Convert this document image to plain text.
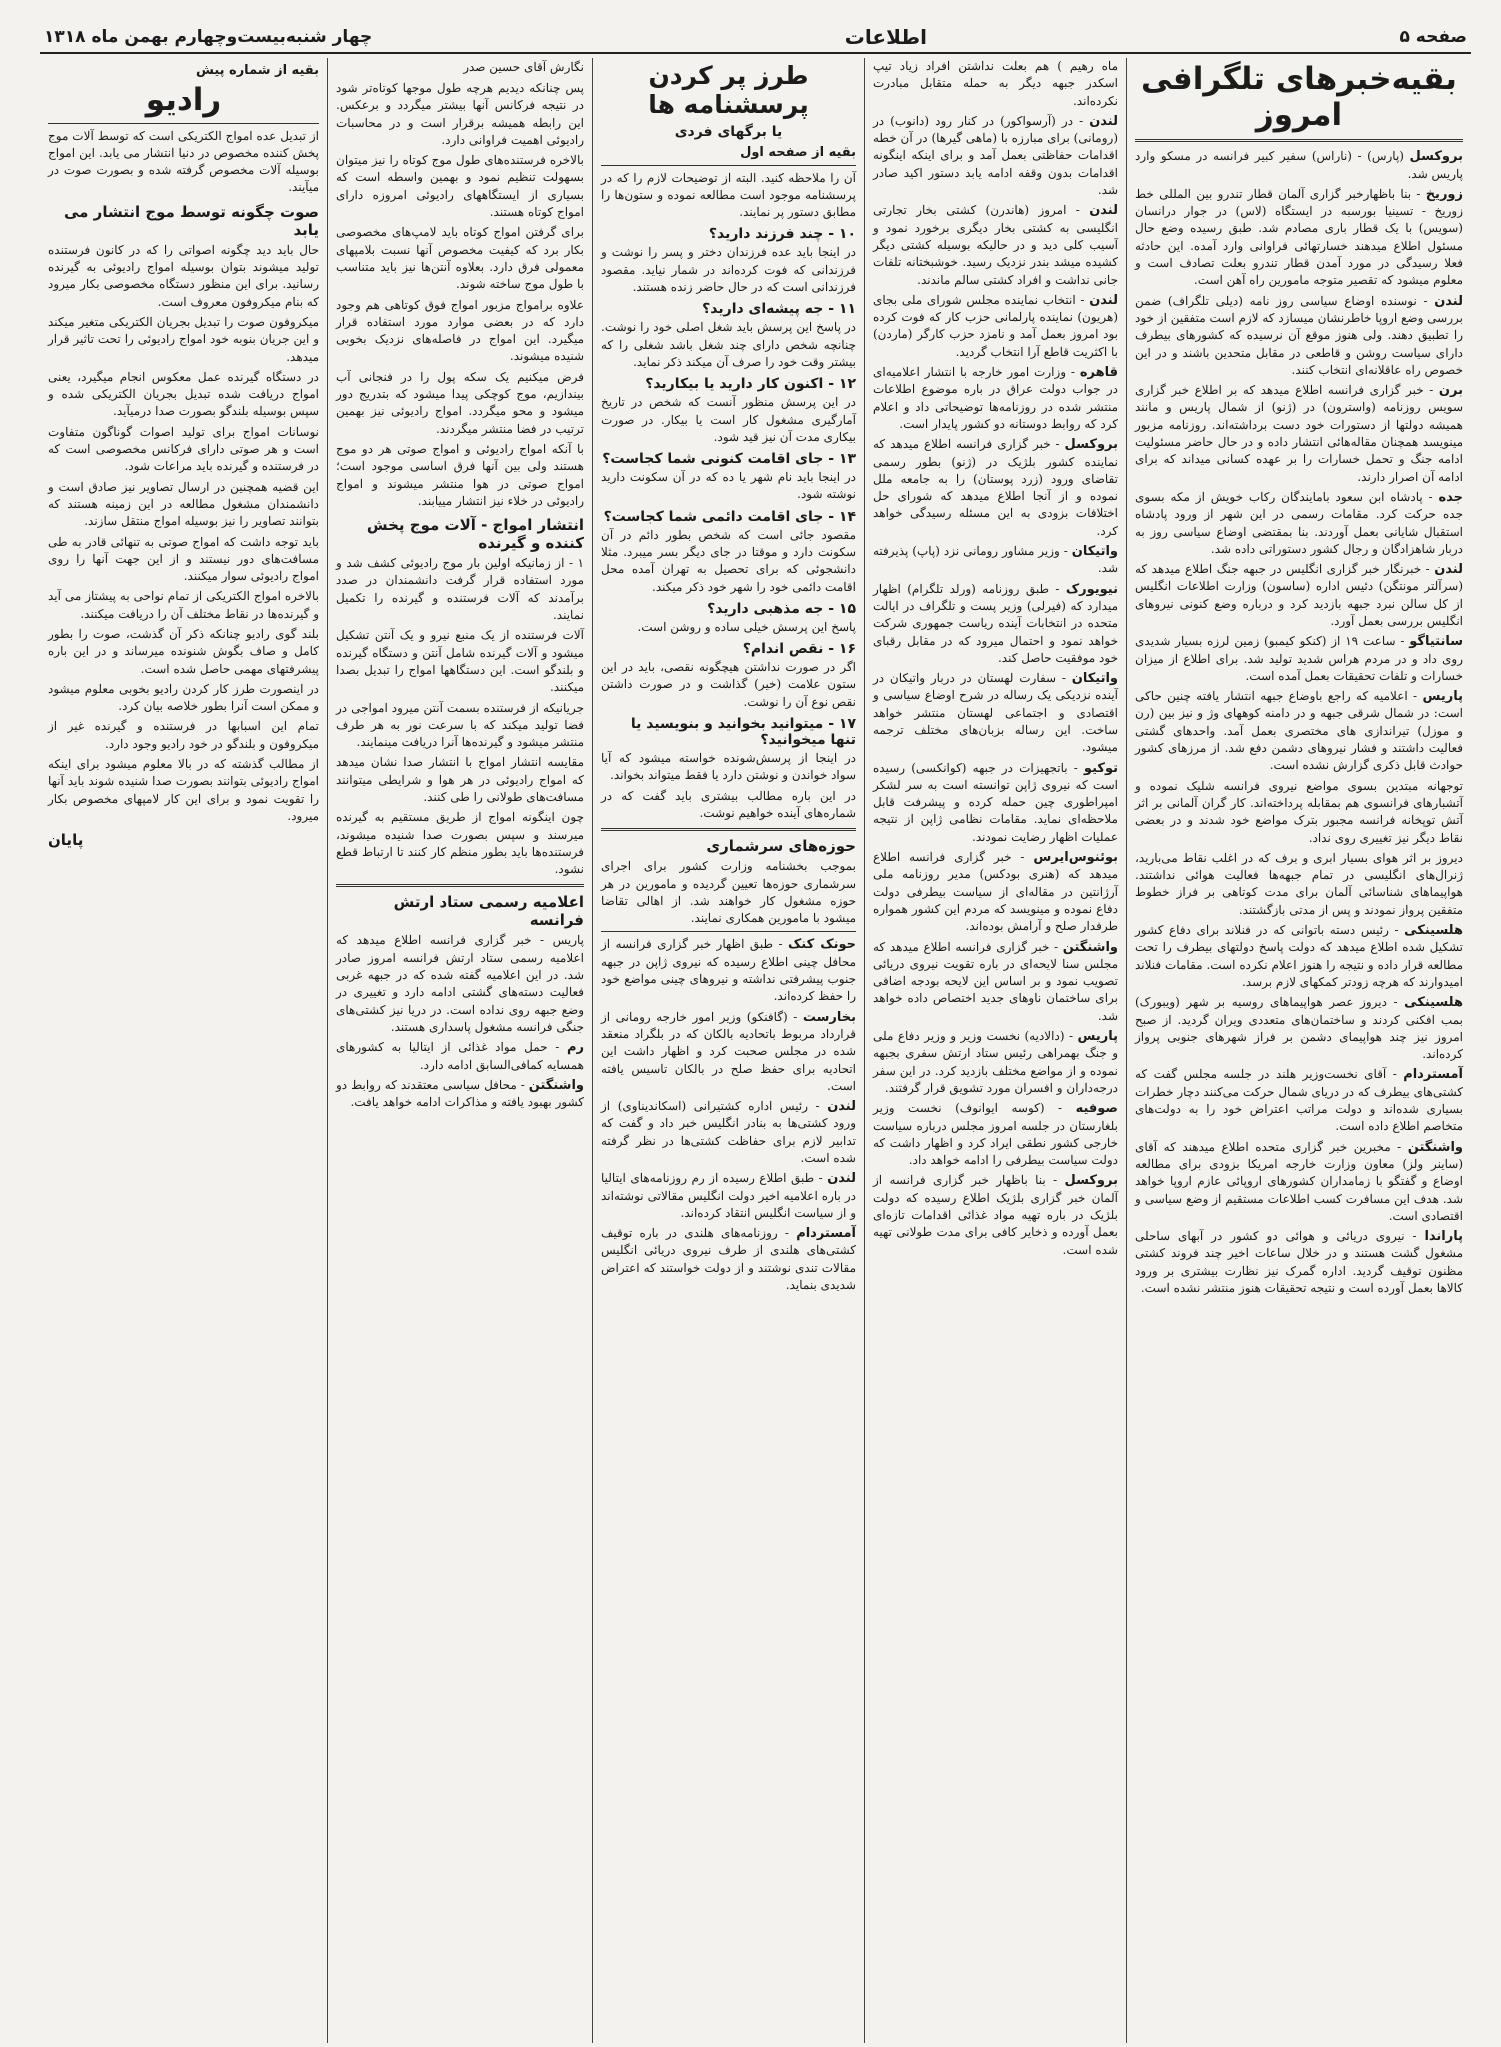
صفحه ۵
اطلاعات
چهار شنبه‌بیست‌وچهارم بهمن ماه ۱۳۱۸
بقیه‌خبرهای تلگرافی امروز

بروکسل (پارس) - (ناراس) سفیر کبیر فرانسه در مسکو وارد پاریس شد.

زوریخ - بنا باظهارخبر گزاری آلمان قطار تندرو بین المللی خط زوریخ - تسینیا بورسبه در ایستگاه (لاس) در جوار درانسان (سویس) با یک قطار باری مصادم شد. طبق رسیده وضع حال مسئول اطلاع میدهند خسارتهائی فراوانی وارد آمده. این حادثه فعلا رسیدگی در مورد آمدن قطار تندرو بعلت تصادف است و معلوم میشود که تقصیر متوجه مامورین راه آهن است.

لندن - نوسنده اوضاع سیاسی روز نامه (دیلی تلگراف) ضمن بررسی وضع اروپا خاطرنشان میسازد که لازم است متفقین از خود را تطبیق دهند. ولی هنوز موقع آن نرسیده که کشورهای بیطرف دارای سیاست روشن و قاطعی در مقابل متحدین باشند و در این خصوص راه عاقلانه‌ای انتخاب کنند.

برن - خبر گزاری فرانسه اطلاع میدهد که بر اطلاع خبر گزاری سویس روزنامه (واسترون) در (ژنو) از شمال پاریس و مانند همیشه دولتها از دستورات خود دست برداشته‌اند. روزنامه مزبور مینویسد همچنان مقاله‌هائی انتشار داده و در حال حاضر مسئولیت ادامه جنگ و تحمل خسارات را بر عهده کسانی میداند که برای ادامه آن اصرار دارند.

جده - پادشاه ابن سعود بامایندگان رکاب خویش از مکه بسوی جده حرکت کرد. مقامات رسمی در این شهر از ورود پادشاه استقبال شایانی بعمل آوردند. بنا بمقتضی اوضاع سیاسی روز به دربار شاهزادگان و رجال کشور دستوراتی داده شد.

لندن - خبرنگار خبر گزاری انگلیس در جبهه جنگ اطلاع میدهد که (سرآلتر مونتگن) دئیس اداره (ساسون) وزارت اطلاعات انگلیس از کل سالن نبرد جبهه بازدید کرد و درباره وضع کنونی نیروهای انگلیس بررسی بعمل آورد.

سانتیاگو - ساعت ۱۹ از (کنکو کیمبو) زمین لرزه بسیار شدیدی روی داد و در مردم هراس شدید تولید شد. برای اطلاع از میزان خسارات و تلفات تحقیقات بعمل آمده است.

پاریس - اعلامیه که راجع باوضاع جبهه انتشار یافته چنین حاکی است: در شمال شرقی جبهه و در دامنه کوههای وژ و نیز بین (رن و موزل) تیراندازی های مختصری بعمل آمد. واحدهای گشتی فعالیت داشتند و فشار نیروهای دشمن دفع شد. از مرزهای کشور حوادث قابل ذکری گزارش نشده است.

توجهانه مبتدین بسوی مواضع نیروی فرانسه شلیک نموده و آتشبارهای فرانسوی هم بمقابله پرداخته‌اند. کار گران آلمانی بر اثر آتش توپخانه فرانسه مجبور بترک مواضع خود شدند و در بعضی نقاط دیگر نیز تغییری روی نداد.

دیروز بر اثر هوای بسیار ابری و برف که در اغلب نقاط می‌بارید، ژنرال‌های انگلیسی در تمام جبهه‌ها فعالیت هوائی نداشتند. هواپیماهای شناسائی آلمان برای مدت کوتاهی بر فراز خطوط متفقین پرواز نمودند و پس از مدتی بازگشتند.

هلسینکی - رئیس دسته باتوانی که در فنلاند برای دفاع کشور تشکیل شده اطلاع میدهد که دولت پاسخ دولتهای بیطرف را تحت مطالعه قرار داده و نتیجه را هنوز اعلام نکرده است. مقامات فنلاند امیدوارند که هرچه زودتر کمکهای لازم برسد.

هلسینکی - دیروز عصر هواپیماهای روسیه بر شهر (ویبورک) بمب افکنی کردند و ساختمان‌های متعددی ویران گردید. از صبح امروز نیز چند هواپیمای دشمن بر فراز شهرهای جنوبی پرواز کرده‌اند.

آمستردام - آقای نخست‌وزیر هلند در جلسه مجلس گفت که کشتی‌های بیطرف که در دریای شمال حرکت می‌کنند دچار خطرات بسیاری شده‌اند و دولت مراتب اعتراض خود را به دولت‌های متخاصم اطلاع داده است.

واشنگتن - مخبرین خبر گزاری متحده اطلاع میدهند که آقای (ساینر ولز) معاون وزارت خارجه امریکا بزودی برای مطالعه اوضاع و گفتگو با زمامداران کشورهای اروپائی عازم اروپا خواهد شد. هدف این مسافرت کسب اطلاعات مستقیم از وضع سیاسی و اقتصادی است.

پاراندا - نیروی دریائی و هوائی دو کشور در آبهای ساحلی مشغول گشت هستند و در خلال ساعات اخیر چند فروند کشتی مظنون توقیف گردید. اداره گمرک نیز نظارت بیشتری بر ورود کالاها بعمل آورده است و نتیجه تحقیقات هنوز منتشر نشده است.

ماه رهیم ) هم بعلت نداشتن افراد زیاد تیپ اسکدر جبهه دیگر به حمله متقابل مبادرت نکرده‌اند.

لندن - در (آرسواکور) در کنار رود (دانوب) در (رومانی) برای مبارزه با (ماهی گیرها) در آن خطه اقدامات حفاظتی بعمل آمد و برای اینکه اینگونه اقدامات بدون وقفه ادامه یابد دستور اکید صادر شد.

لندن - امروز (هاندرن) کشتی بخار تجارتی انگلیسی به کشتی بخار دیگری برخورد نمود و آسیب کلی دید و در حالیکه بوسیله کشتی دیگر کشیده میشد بندر نزدیک رسید. خوشبختانه تلفات جانی نداشت و افراد کشتی سالم ماندند.

لندن - انتخاب نماینده مجلس شورای ملی بجای (هریون) نماینده پارلمانی حزب کار که فوت کرده بود امروز بعمل آمد و نامزد حزب کارگر (ماردن) با اکثریت قاطع آرا انتخاب گردید.

قاهره - وزارت امور خارجه با انتشار اعلامیه‌ای در جواب دولت عراق در باره موضوع اطلاعات منتشر شده در روزنامه‌ها توضیحاتی داد و اعلام کرد که روابط دوستانه دو کشور پایدار است.

بروکسل - خبر گزاری فرانسه اطلاع میدهد که نماینده کشور بلژیک در (ژنو) بطور رسمی تقاضای ورود (زرد پوستان) را به جامعه ملل نموده و از آنجا اطلاع میدهد که شورای حل اختلافات بزودی به این مسئله رسیدگی خواهد کرد.

واتیکان - وزیر مشاور رومانی نزد (پاپ) پذیرفته شد.

نیویورک - طبق روزنامه (ورلد تلگرام) اظهار میدارد که (فیرلی) وزیر پست و تلگراف در ایالت متحده در انتخابات آینده ریاست جمهوری شرکت خواهد نمود و احتمال میرود که در مقابل رقبای خود موفقیت حاصل کند.

واتیکان - سفارت لهستان در دربار واتیکان در آینده نزدیکی یک رساله در شرح اوضاع سیاسی و اقتصادی و اجتماعی لهستان منتشر خواهد ساخت. این رساله بزبان‌های مختلف ترجمه میشود.

توکیو - باتجهیزات در جبهه (کوانکسی) رسیده است که نیروی ژاپن توانسته است به سر لشکر امپراطوری چین حمله کرده و پیشرفت قابل ملاحظه‌ای نماید. مقامات نظامی ژاپن از نتیجه عملیات اظهار رضایت نمودند.

بوئنوس‌ایرس - خبر گزاری فرانسه اطلاع میدهد که (هنری بودکس) مدیر روزنامه ملی آرژانتین در مقاله‌ای از سیاست بیطرفی دولت دفاع نموده و مینویسد که مردم این کشور همواره طرفدار صلح و آرامش بوده‌اند.

واشنگتن - خبر گزاری فرانسه اطلاع میدهد که مجلس سنا لایحه‌ای در باره تقویت نیروی دریائی تصویب نمود و بر اساس این لایحه بودجه اضافی برای ساختمان ناوهای جدید اختصاص داده خواهد شد.

پاریس - (دالادیه) نخست وزیر و وزیر دفاع ملی و جنگ بهمراهی رئیس ستاد ارتش سفری بجبهه نموده و از مواضع مختلف بازدید کرد. در این سفر درجه‌داران و افسران مورد تشویق قرار گرفتند.

صوفیه - (کوسه ایوانوف) نخست وزیر بلغارستان در جلسه امروز مجلس درباره سیاست خارجی کشور نطقی ایراد کرد و اظهار داشت که دولت سیاست بیطرفی را ادامه خواهد داد.

بروکسل - بنا باظهار خبر گزاری فرانسه از آلمان خبر گزاری بلژیک اطلاع رسیده که دولت بلژیک در باره تهیه مواد غذائی اقدامات تازه‌ای بعمل آورده و ذخایر کافی برای مدت طولانی تهیه شده است.

طرز پر کردن پرسشنامه ها
یا برگهای فردی
بقیه از صفحه اول

آن را ملاحظه کنید. البته از توضیحات لازم را که در پرسشنامه موجود است مطالعه نموده و ستون‌ها را مطابق دستور پر نمایند.

۱۰ - چند فرزند دارید؟

در اینجا باید عده فرزندان دختر و پسر را نوشت و فرزندانی که فوت کرده‌اند در شمار نیاید. مقصود فرزندانی است که در حال حاضر زنده هستند.

۱۱ - جه پیشه‌ای دارید؟

در پاسخ این پرسش باید شغل اصلی خود را نوشت. چنانچه شخص دارای چند شغل باشد شغلی را که بیشتر وقت خود را صرف آن میکند ذکر نماید.

۱۲ - اکنون کار دارید یا بیکارید؟

در این پرسش منظور آنست که شخص در تاریخ آمارگیری مشغول کار است یا بیکار. در صورت بیکاری مدت آن نیز قید شود.

۱۳ - جای اقامت کنونی شما کجاست؟

در اینجا باید نام شهر یا ده که در آن سکونت دارید نوشته شود.

۱۴ - جای اقامت دائمی شما کجاست؟

مقصود جائی است که شخص بطور دائم در آن سکونت دارد و موقتا در جای دیگر بسر میبرد. مثلا دانشجوئی که برای تحصیل به تهران آمده محل اقامت دائمی خود را شهر خود ذکر میکند.

۱۵ - جه مذهبی دارید؟

پاسخ این پرسش خیلی ساده و روشن است.

۱۶ - نقص اندام؟

اگر در صورت نداشتن هیچگونه نقصی، باید در این ستون علامت (خیر) گذاشت و در صورت داشتن نقص نوع آن را نوشت.

۱۷ - میتوانید بخوانید و بنویسید یا تنها میخوانید؟

در اینجا از پرسش‌شونده خواسته میشود که آیا سواد خواندن و نوشتن دارد یا فقط میتواند بخواند.

در این باره مطالب بیشتری باید گفت که در شماره‌های آینده خواهیم نوشت.

حوزه‌های سرشماری

بموجب بخشنامه وزارت کشور برای اجرای سرشماری حوزه‌ها تعیین گردیده و مامورین در هر حوزه مشغول کار خواهند شد. از اهالی تقاضا میشود با مامورین همکاری نمایند.

حونک کنک - طبق اظهار خبر گزاری فرانسه از محافل چینی اطلاع رسیده که نیروی ژاپن در جبهه جنوب پیشرفتی نداشته و نیروهای چینی مواضع خود را حفظ کرده‌اند.

بخارست - (گافنکو) وزیر امور خارجه رومانی از قرارداد مربوط باتحادیه بالکان که در بلگراد منعقد شده در مجلس صحبت کرد و اظهار داشت این اتحادیه برای حفظ صلح در بالکان تاسیس یافته است.

لندن - رئیس اداره کشتیرانی (اسکاندیناوی) از ورود کشتی‌ها به بنادر انگلیس خبر داد و گفت که تدابیر لازم برای حفاظت کشتی‌ها در نظر گرفته شده است.

لندن - طبق اطلاع رسیده از رم روزنامه‌های ایتالیا در باره اعلامیه اخیر دولت انگلیس مقالاتی نوشته‌اند و از سیاست انگلیس انتقاد کرده‌اند.

آمستردام - روزنامه‌های هلندی در باره توقیف کشتی‌های هلندی از طرف نیروی دریائی انگلیس مقالات تندی نوشتند و از دولت خواستند که اعتراض شدیدی بنماید.

نگارش آقای حسین صدر

پس چنانکه دیدیم هرچه طول موجها کوتاه‌تر شود در نتیجه فرکانس آنها بیشتر میگردد و برعکس. این رابطه همیشه برقرار است و در محاسبات رادیوئی اهمیت فراوانی دارد.

بالاخره فرستنده‌های طول موج کوتاه را نیز میتوان بسهولت تنظیم نمود و بهمین واسطه است که بسیاری از ایستگاههای رادیوئی امروزه دارای امواج کوتاه هستند.

برای گرفتن امواج کوتاه باید لامپ‌های مخصوصی بکار برد که کیفیت مخصوص آنها نسبت بلامپهای معمولی فرق دارد. بعلاوه آنتن‌ها نیز باید متناسب با طول موج ساخته شوند.

علاوه برامواج مزبور امواج فوق کوتاهی هم وجود دارد که در بعضی موارد مورد استفاده قرار میگیرد. این امواج در فاصله‌های نزدیک بخوبی شنیده میشوند.

فرض میکنیم یک سکه پول را در فنجانی آب بیندازیم، موج کوچکی پیدا میشود که بتدریج دور میشود و محو میگردد. امواج رادیوئی نیز بهمین ترتیب در فضا منتشر میگردند.

با آنکه امواج رادیوئی و امواج صوتی هر دو موج هستند ولی بین آنها فرق اساسی موجود است؛ امواج صوتی در هوا منتشر میشوند و امواج رادیوئی در خلاء نیز انتشار مییابند.

انتشار امواج - آلات موج پخش کننده و گیرنده

۱ - از زمانیکه اولین بار موج رادیوئی کشف شد و مورد استفاده قرار گرفت دانشمندان در صدد برآمدند که آلات فرستنده و گیرنده را تکمیل نمایند.

آلات فرستنده از یک منبع نیرو و یک آنتن تشکیل میشود و آلات گیرنده شامل آنتن و دستگاه گیرنده و بلندگو است. این دستگاهها امواج را تبدیل بصدا میکنند.

جریانیکه از فرستنده بسمت آنتن میرود امواجی در فضا تولید میکند که با سرعت نور به هر طرف منتشر میشود و گیرنده‌ها آنرا دریافت مینمایند.

مقایسه انتشار امواج با انتشار صدا نشان میدهد که امواج رادیوئی در هر هوا و شرایطی میتوانند مسافت‌های طولانی را طی کنند.

چون اینگونه امواج از طریق مستقیم به گیرنده میرسند و سپس بصورت صدا شنیده میشوند، فرستنده‌ها باید بطور منظم کار کنند تا ارتباط قطع نشود.

اعلامیه رسمی ستاد ارتش فرانسه

پاریس - خبر گزاری فرانسه اطلاع میدهد که اعلامیه رسمی ستاد ارتش فرانسه امروز صادر شد. در این اعلامیه گفته شده که در جبهه غربی فعالیت دسته‌های گشتی ادامه دارد و تغییری در وضع جبهه روی نداده است. در دریا نیز کشتی‌های جنگی فرانسه مشغول پاسداری هستند.

رم - حمل مواد غذائی از ایتالیا به کشورهای همسایه کمافی‌السابق ادامه دارد.

واشنگتن - محافل سیاسی معتقدند که روابط دو کشور بهبود یافته و مذاکرات ادامه خواهد یافت.

بقیه از شماره پیش
رادیو

از تبدیل عده امواج الکتریکی است که توسط آلات موج پخش کننده مخصوص در دنیا انتشار می یابد. این امواج بوسیله آلات مخصوص گرفته شده و بصورت صوت در میآیند.

صوت چگونه توسط موج انتشار می یابد

حال باید دید چگونه اصواتی را که در کانون فرستنده تولید میشوند بتوان بوسیله امواج رادیوئی به گیرنده رسانید. برای این منظور دستگاه مخصوصی بکار میرود که بنام میکروفون معروف است.

میکروفون صوت را تبدیل بجریان الکتریکی متغیر میکند و این جریان بنوبه خود امواج رادیوئی را تحت تاثیر قرار میدهد.

در دستگاه گیرنده عمل معکوس انجام میگیرد، یعنی امواج دریافت شده تبدیل بجریان الکتریکی شده و سپس بوسیله بلندگو بصورت صدا درمیآید.

نوسانات امواج برای تولید اصوات گوناگون متفاوت است و هر صوتی دارای فرکانس مخصوصی است که در فرستنده و گیرنده باید مراعات شود.

این قضیه همچنین در ارسال تصاویر نیز صادق است و دانشمندان مشغول مطالعه در این زمینه هستند که بتوانند تصاویر را نیز بوسیله امواج منتقل سازند.

باید توجه داشت که امواج صوتی به تنهائی قادر به طی مسافت‌های دور نیستند و از این جهت آنها را روی امواج رادیوئی سوار میکنند.

بالاخره امواج الکتریکی از تمام نواحی به پیشتاز می آید و گیرنده‌ها در نقاط مختلف آن را دریافت میکنند.

بلند گوی رادیو چنانکه ذکر آن گذشت، صوت را بطور کامل و صاف بگوش شنونده میرساند و در این باره پیشرفتهای مهمی حاصل شده است.

در اینصورت طرز کار کردن رادیو بخوبی معلوم میشود و ممکن است آنرا بطور خلاصه بیان کرد.

تمام این اسبابها در فرستنده و گیرنده غیر از میکروفون و بلندگو در خود رادیو وجود دارد.

از مطالب گذشته که در بالا معلوم میشود برای اینکه امواج رادیوئی بتوانند بصورت صدا شنیده شوند باید آنها را تقویت نمود و برای این کار لامپهای مخصوص بکار میرود.

پایان
